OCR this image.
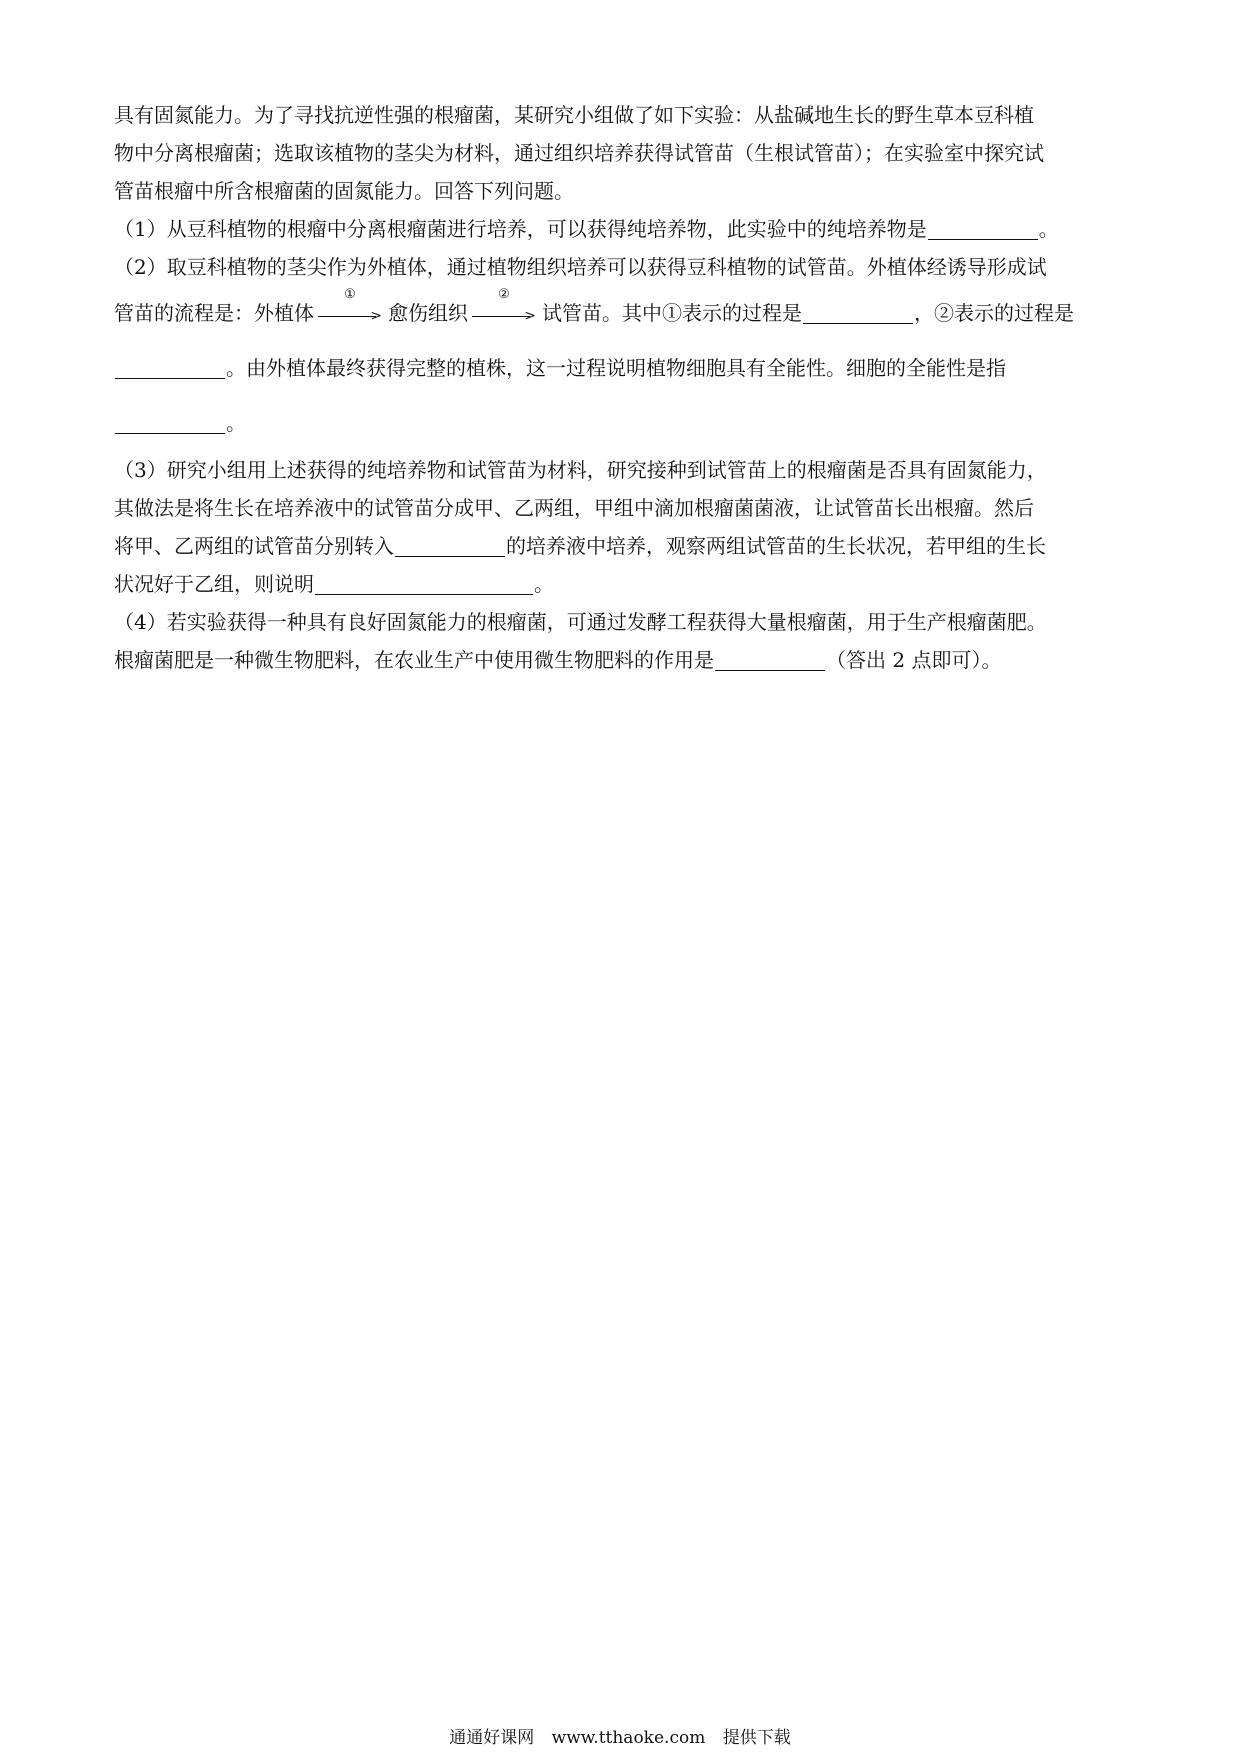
具有固氮能力。为了寻找抗逆性强的根瘤菌，某研究小组做了如下实验：从盐碱地生长的野生草本豆科植
物中分离根瘤菌；选取该植物的茎尖为材料，通过组织培养获得试管苗（生根试管苗）；在实验室中探究试
管苗根瘤中所含根瘤菌的固氮能力。回答下列问题。
（1）从豆科植物的根瘤中分离根瘤菌进行培养，可以获得纯培养物，此实验中的纯培养物是	。
（2）取豆科植物的茎尖作为外植体，通过植物组织培养可以获得豆科植物的试管苗。外植体经诱导形成试
管苗的流程是：外植体
①
> 愈伤组织
②
> 试管苗。其中①表示的过程是	，②表示的过程是
。由外植体最终获得完整的植株，这一过程说明植物细胞具有全能性。细胞的全能性是指
。
（3）研究小组用上述获得的纯培养物和试管苗为材料，研究接种到试管苗上的根瘤菌是否具有固氮能力，
其做法是将生长在培养液中的试管苗分成甲、乙两组，甲组中滴加根瘤菌菌液，让试管苗长出根瘤。然后
将甲、乙两组的试管苗分别转入	的培养液中培养，观察两组试管苗的生长状况，若甲组的生长
状况好于乙组，则说明	。
（4）若实验获得一种具有良好固氮能力的根瘤菌，可通过发酵工程获得大量根瘤菌，用于生产根瘤菌肥。
根瘤菌肥是一种微生物肥料，在农业生产中使用微生物肥料的作用是	（答出 2 点即可）。
通通好课网 www.tthaoke.com 提供下载
